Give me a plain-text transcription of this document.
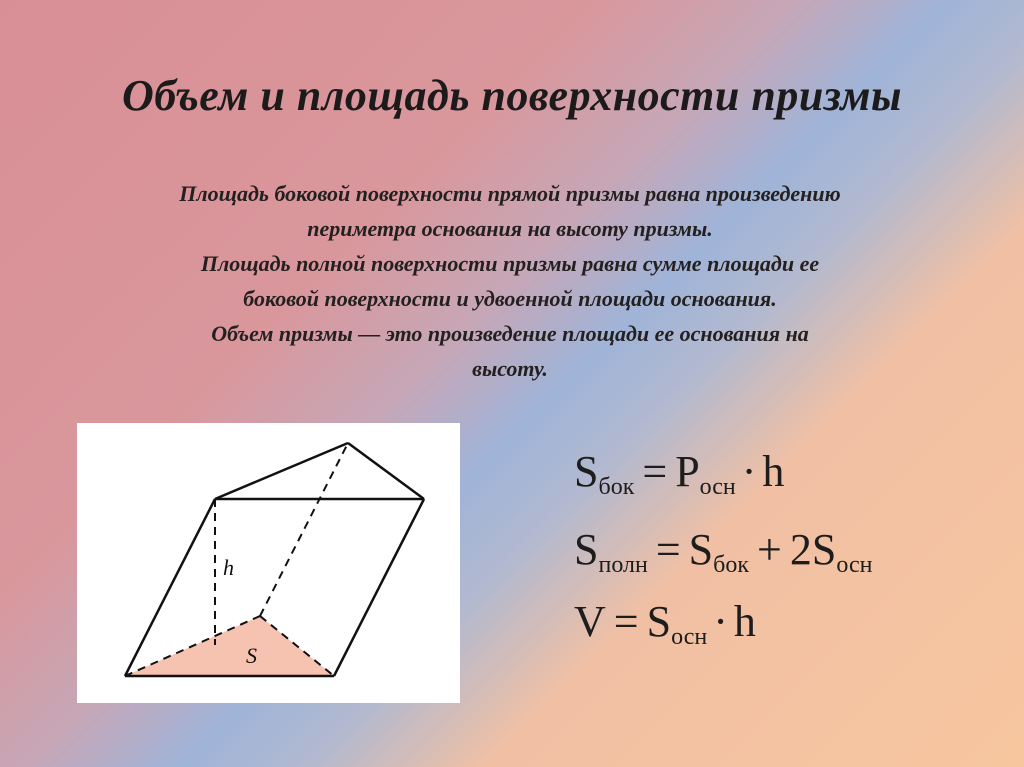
Объем и площадь поверхности призмы
Площадь боковой поверхности прямой призмы равна произведению
периметра основания на высоту призмы.
Площадь полной поверхности призмы равна сумме площади ее
боковой поверхности и удвоенной площади основания.
Объем призмы — это произведение площади ее основания на
высоту.
h
S
$S_{бок} = P_{осн} \cdot h$
$S_{полн} = S_{бок} + 2S_{осн}$
$V = S_{осн} \cdot h$
